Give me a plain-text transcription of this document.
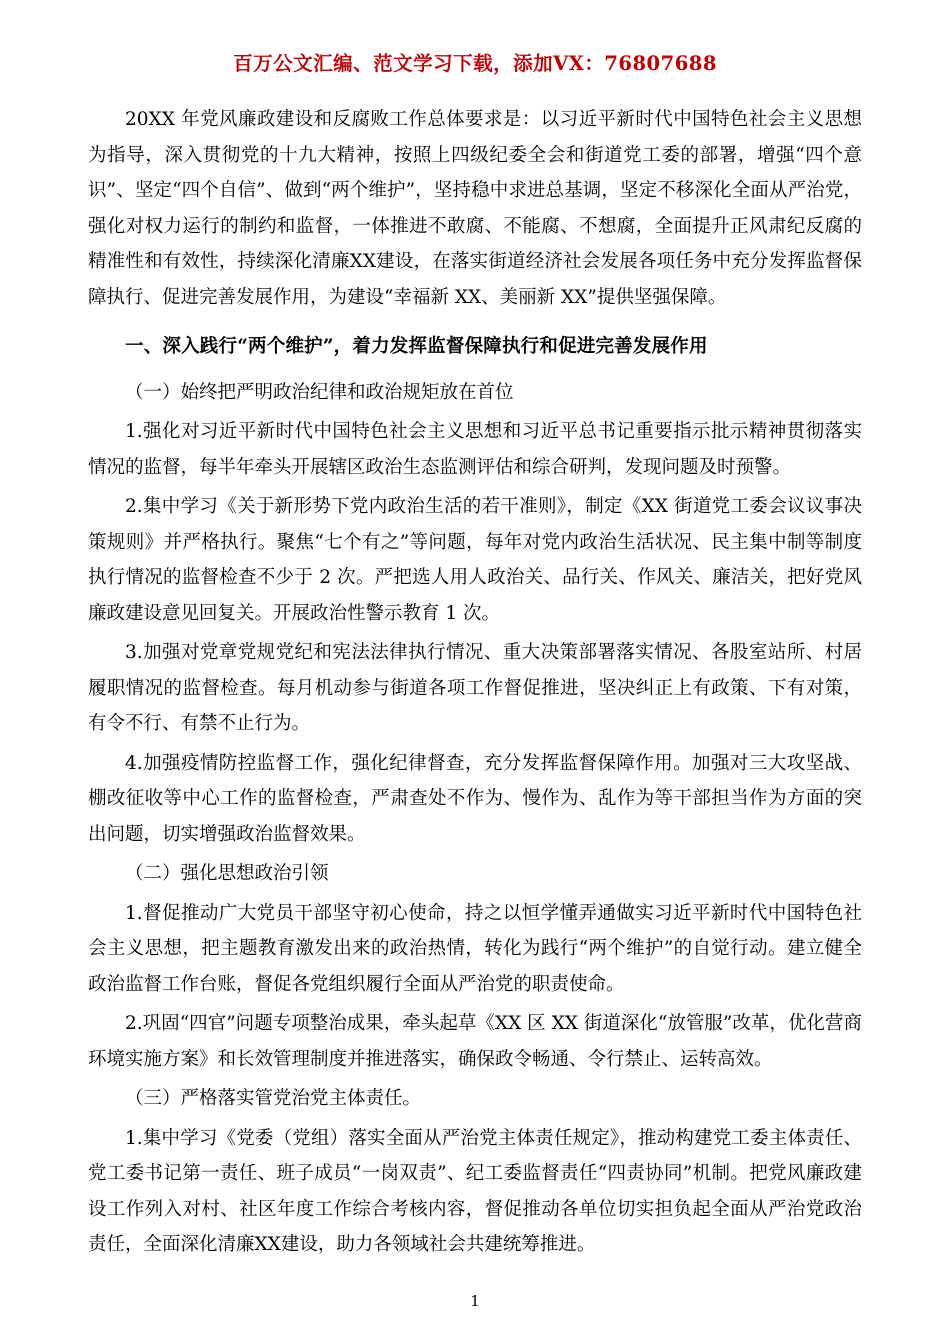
百万公文汇编、范文学习下载，添加VX：76807688

20XX 年党风廉政建设和反腐败工作总体要求是：以习近平新时代中国特色社会主义思想为指导，深入贯彻党的十九大精神，按照上四级纪委全会和街道党工委的部署，增强“四个意识”、坚定“四个自信”、做到“两个维护”，坚持稳中求进总基调，坚定不移深化全面从严治党，强化对权力运行的制约和监督，一体推进不敢腐、不能腐、不想腐，全面提升正风肃纪反腐的精准性和有效性，持续深化清廉XX建设，在落实街道经济社会发展各项任务中充分发挥监督保障执行、促进完善发展作用，为建设“幸福新 XX、美丽新 XX”提供坚强保障。

一、深入践行“两个维护”，着力发挥监督保障执行和促进完善发展作用

（一）始终把严明政治纪律和政治规矩放在首位

1.强化对习近平新时代中国特色社会主义思想和习近平总书记重要指示批示精神贯彻落实情况的监督，每半年牵头开展辖区政治生态监测评估和综合研判，发现问题及时预警。

2.集中学习《关于新形势下党内政治生活的若干准则》，制定《XX 街道党工委会议议事决策规则》并严格执行。聚焦“七个有之”等问题，每年对党内政治生活状况、民主集中制等制度执行情况的监督检查不少于 2 次。严把选人用人政治关、品行关、作风关、廉洁关，把好党风廉政建设意见回复关。开展政治性警示教育 1 次。

3.加强对党章党规党纪和宪法法律执行情况、重大决策部署落实情况、各股室站所、村居履职情况的监督检查。每月机动参与街道各项工作督促推进，坚决纠正上有政策、下有对策，有令不行、有禁不止行为。

4.加强疫情防控监督工作，强化纪律督查，充分发挥监督保障作用。加强对三大攻坚战、棚改征收等中心工作的监督检查，严肃查处不作为、慢作为、乱作为等干部担当作为方面的突出问题，切实增强政治监督效果。

（二）强化思想政治引领

1.督促推动广大党员干部坚守初心使命，持之以恒学懂弄通做实习近平新时代中国特色社会主义思想，把主题教育激发出来的政治热情，转化为践行“两个维护”的自觉行动。建立健全政治监督工作台账，督促各党组织履行全面从严治党的职责使命。

2.巩固“四官”问题专项整治成果，牵头起草《XX 区 XX 街道深化“放管服”改革，优化营商环境实施方案》和长效管理制度并推进落实，确保政令畅通、令行禁止、运转高效。

（三）严格落实管党治党主体责任。

1.集中学习《党委（党组）落实全面从严治党主体责任规定》，推动构建党工委主体责任、党工委书记第一责任、班子成员“一岗双责”、纪工委监督责任“四责协同”机制。把党风廉政建设工作列入对村、社区年度工作综合考核内容，督促推动各单位切实担负起全面从严治党政治责任，全面深化清廉XX建设，助力各领域社会共建统筹推进。

1
